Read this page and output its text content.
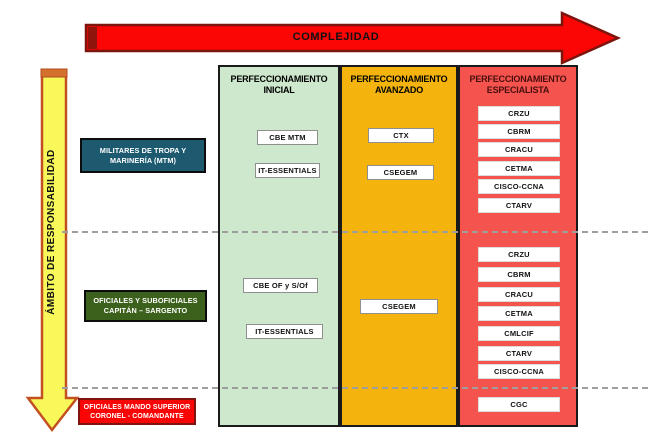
COMPLEJIDAD
ÁMBITO DE RESPONSABILIDAD
PERFECCIONAMIENTO
INICIAL
PERFECCIONAMIENTO
AVANZADO
PERFECCIONAMIENTO
ESPECIALISTA
MILITARES DE TROPA Y
MARINERÍA (MTM)
OFICIALES Y SUBOFICIALES
CAPITÁN – SARGENTO
OFICIALES MANDO SUPERIOR
CORONEL - COMANDANTE
CBE MTM
IT-ESSENTIALS
CBE OF y S/Of
IT-ESSENTIALS
CTX
CSEGEM
CSEGEM
CRZU
CBRM
CRACU
CETMA
CISCO-CCNA
CTARV
CRZU
CBRM
CRACU
CETMA
CMLCIF
CTARV
CISCO-CCNA
CGC
